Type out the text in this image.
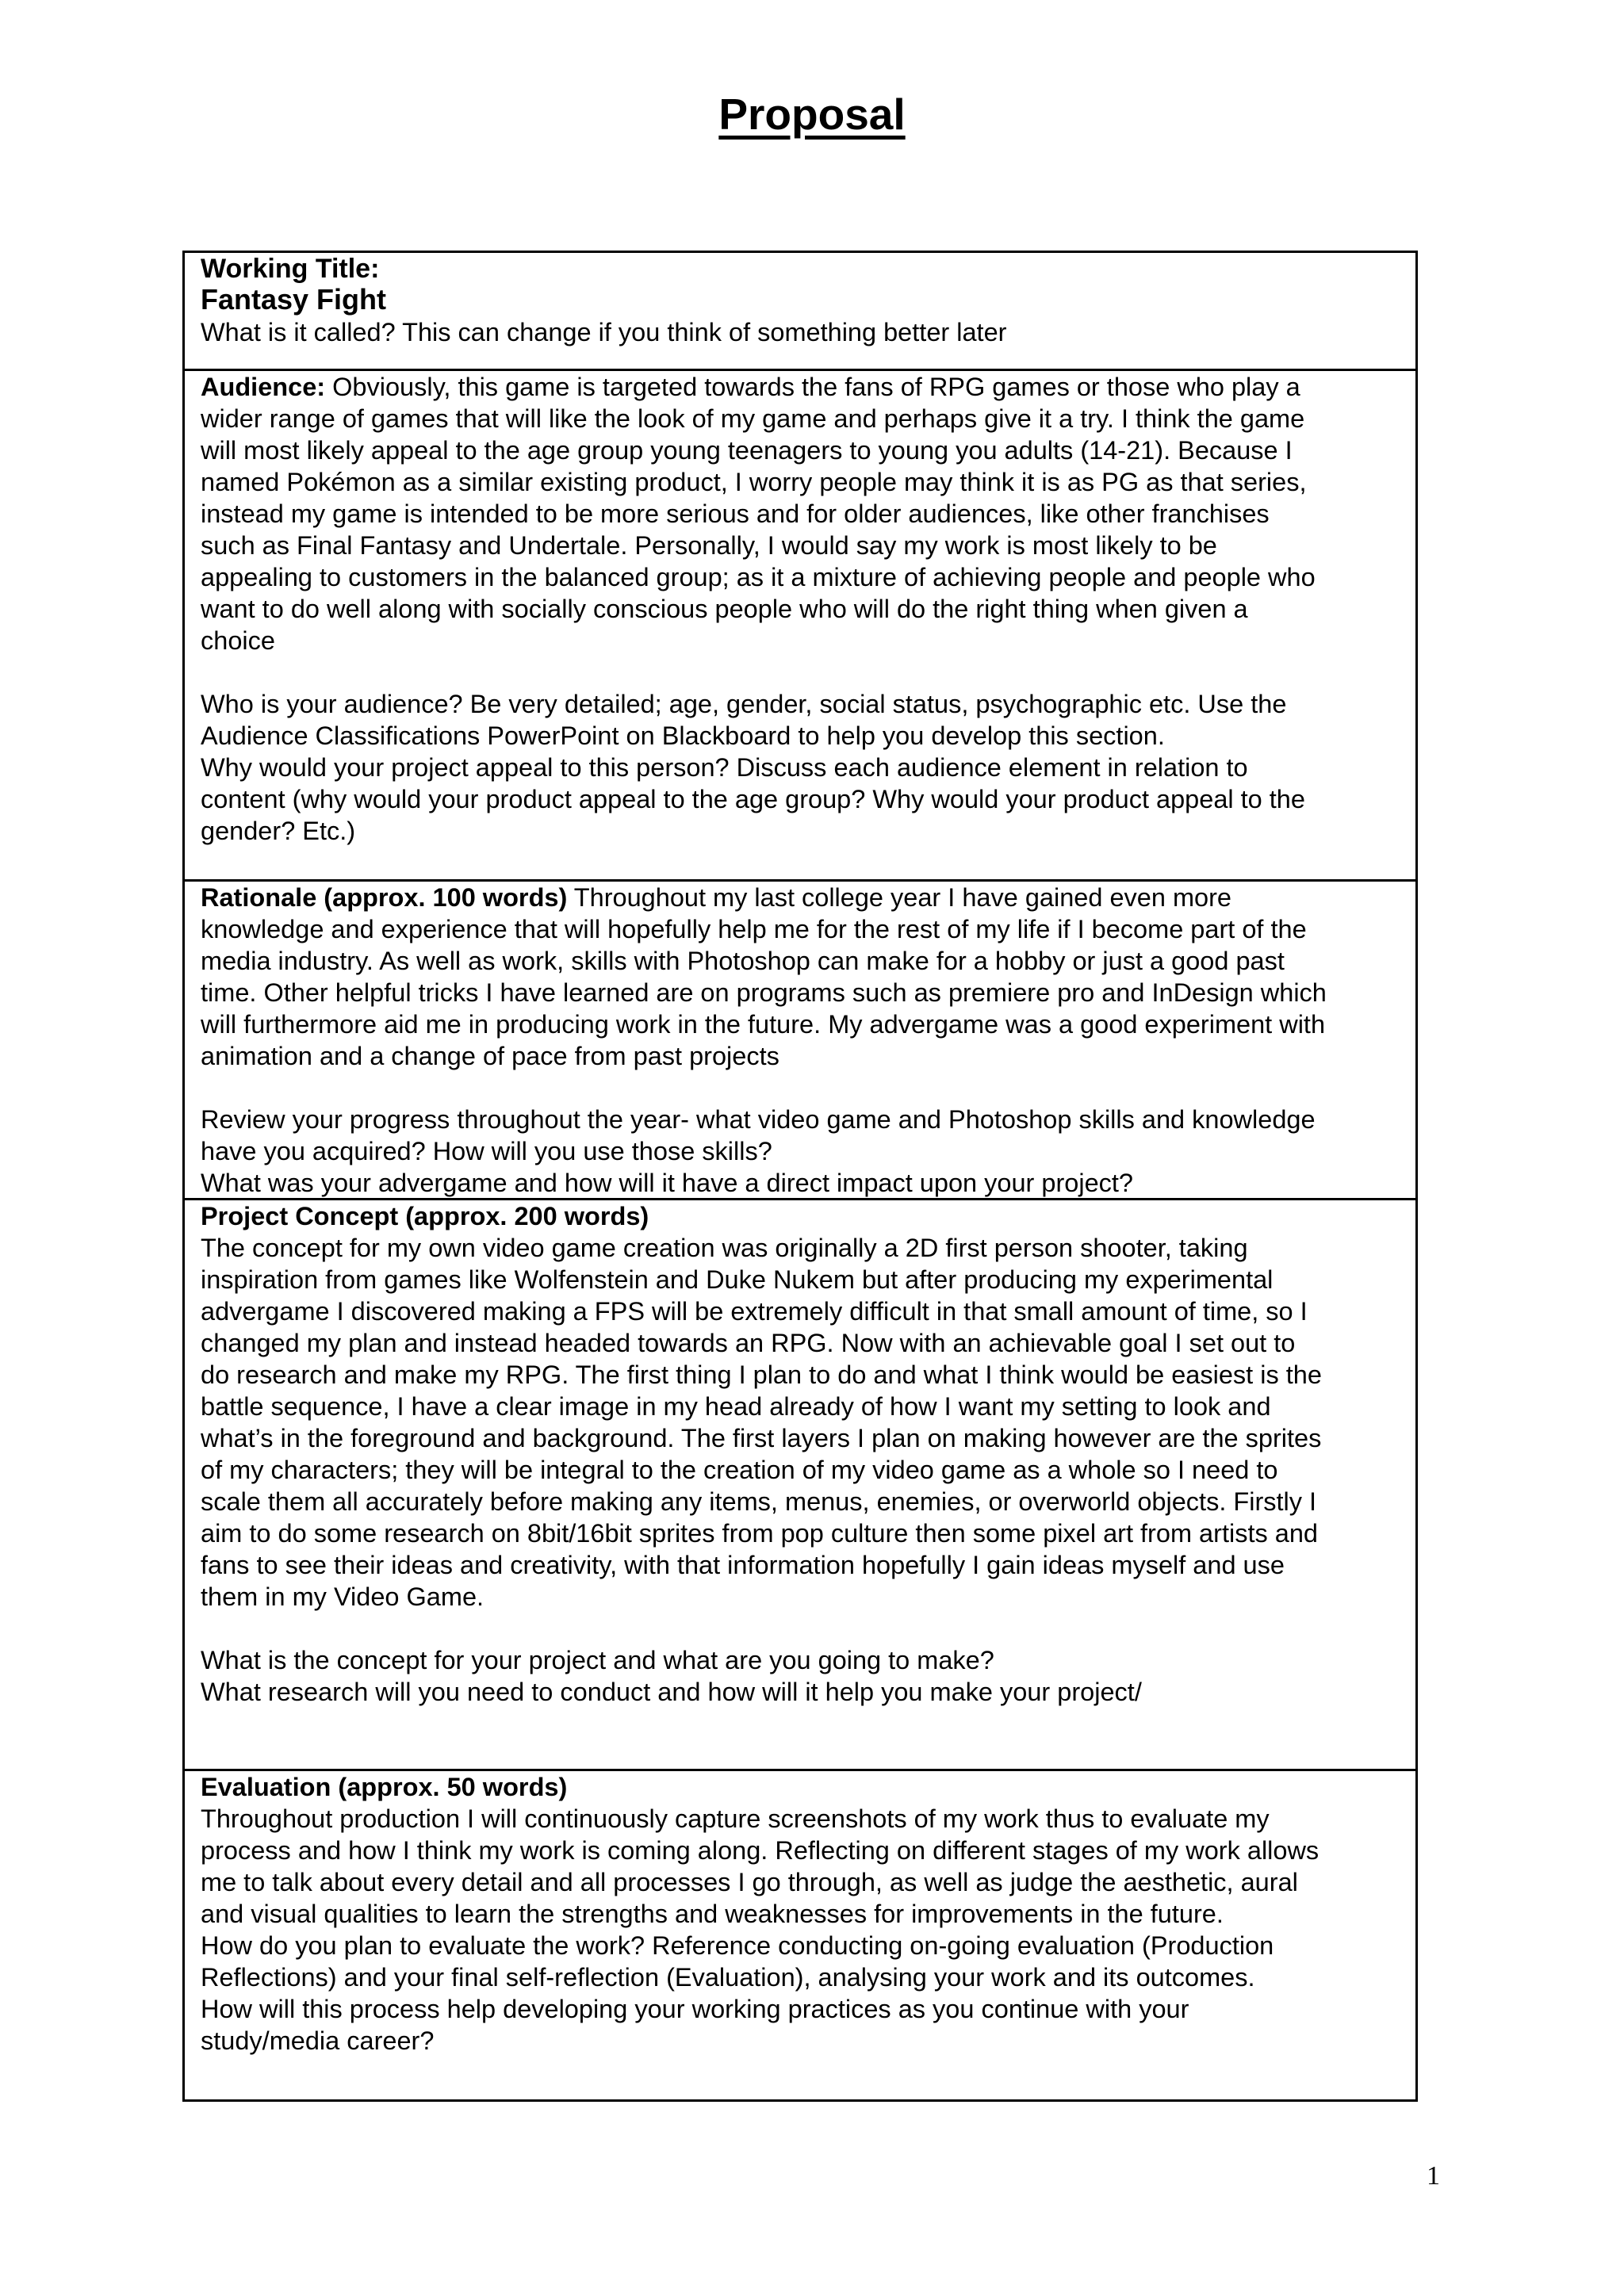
Proposal
Working Title:
Fantasy Fight
What is it called? This can change if you think of something better later
Audience: Obviously, this game is targeted towards the fans of RPG games or those who play a
wider range of games that will like the look of my game and perhaps give it a try. I think the game
will most likely appeal to the age group young teenagers to young you adults (14-21). Because I
named Pokémon as a similar existing product, I worry people may think it is as PG as that series,
instead my game is intended to be more serious and for older audiences, like other franchises
such as Final Fantasy and Undertale. Personally, I would say my work is most likely to be
appealing to customers in the balanced group; as it a mixture of achieving people and people who
want to do well along with socially conscious people who will do the right thing when given a
choice
Who is your audience? Be very detailed; age, gender, social status, psychographic etc. Use the
Audience Classifications PowerPoint on Blackboard to help you develop this section.
Why would your project appeal to this person? Discuss each audience element in relation to
content (why would your product appeal to the age group? Why would your product appeal to the
gender? Etc.)
Rationale (approx. 100 words) Throughout my last college year I have gained even more
knowledge and experience that will hopefully help me for the rest of my life if I become part of the
media industry. As well as work, skills with Photoshop can make for a hobby or just a good past
time. Other helpful tricks I have learned are on programs such as premiere pro and InDesign which
will furthermore aid me in producing work in the future. My advergame was a good experiment with
animation and a change of pace from past projects
Review your progress throughout the year- what video game and Photoshop skills and knowledge
have you acquired? How will you use those skills?
What was your advergame and how will it have a direct impact upon your project?
Project Concept (approx. 200 words)
The concept for my own video game creation was originally a 2D first person shooter, taking
inspiration from games like Wolfenstein and Duke Nukem but after producing my experimental
advergame I discovered making a FPS will be extremely difficult in that small amount of time, so I
changed my plan and instead headed towards an RPG. Now with an achievable goal I set out to
do research and make my RPG. The first thing I plan to do and what I think would be easiest is the
battle sequence, I have a clear image in my head already of how I want my setting to look and
what’s in the foreground and background. The first layers I plan on making however are the sprites
of my characters; they will be integral to the creation of my video game as a whole so I need to
scale them all accurately before making any items, menus, enemies, or overworld objects. Firstly I
aim to do some research on 8bit/16bit sprites from pop culture then some pixel art from artists and
fans to see their ideas and creativity, with that information hopefully I gain ideas myself and use
them in my Video Game.
What is the concept for your project and what are you going to make?
What research will you need to conduct and how will it help you make your project/
Evaluation (approx. 50 words)
Throughout production I will continuously capture screenshots of my work thus to evaluate my
process and how I think my work is coming along. Reflecting on different stages of my work allows
me to talk about every detail and all processes I go through, as well as judge the aesthetic, aural
and visual qualities to learn the strengths and weaknesses for improvements in the future.
How do you plan to evaluate the work? Reference conducting on-going evaluation (Production
Reflections) and your final self-reflection (Evaluation), analysing your work and its outcomes.
How will this process help developing your working practices as you continue with your
study/media career?
1
